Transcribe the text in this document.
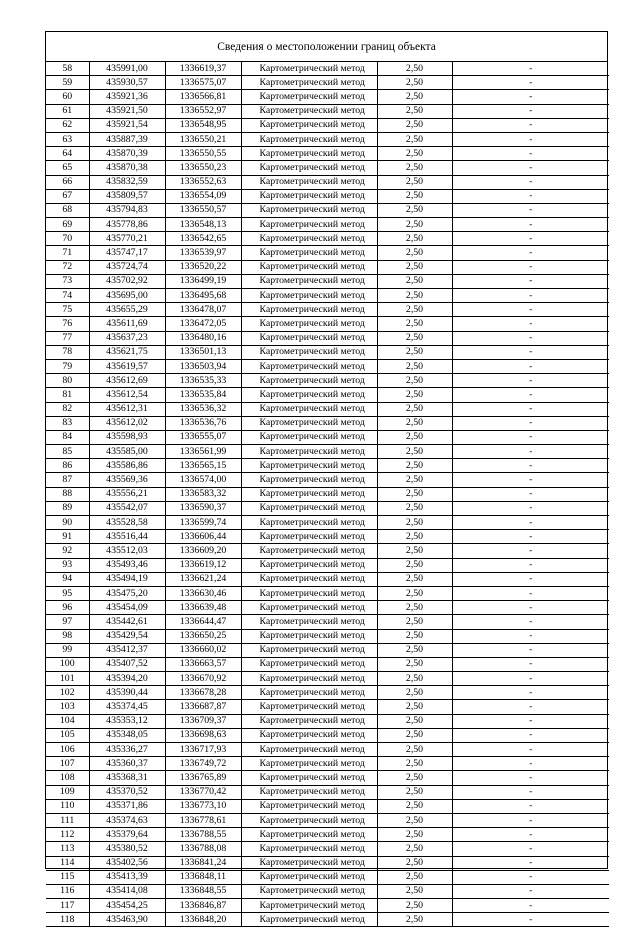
Сведения о местоположении границ объекта
58	435991,00	1336619,37	Картометрический метод	2,50	-
59	435930,57	1336575,07	Картометрический метод	2,50	-
60	435921,36	1336566,81	Картометрический метод	2,50	-
61	435921,50	1336552,97	Картометрический метод	2,50	-
62	435921,54	1336548,95	Картометрический метод	2,50	-
63	435887,39	1336550,21	Картометрический метод	2,50	-
64	435870,39	1336550,55	Картометрический метод	2,50	-
65	435870,38	1336550,23	Картометрический метод	2,50	-
66	435832,59	1336552,63	Картометрический метод	2,50	-
67	435809,57	1336554,09	Картометрический метод	2,50	-
68	435794,83	1336550,57	Картометрический метод	2,50	-
69	435778,86	1336548,13	Картометрический метод	2,50	-
70	435770,21	1336542,65	Картометрический метод	2,50	-
71	435747,17	1336539,97	Картометрический метод	2,50	-
72	435724,74	1336520,22	Картометрический метод	2,50	-
73	435702,92	1336499,19	Картометрический метод	2,50	-
74	435695,00	1336495,68	Картометрический метод	2,50	-
75	435655,29	1336478,07	Картометрический метод	2,50	-
76	435611,69	1336472,05	Картометрический метод	2,50	-
77	435637,23	1336480,16	Картометрический метод	2,50	-
78	435621,75	1336501,13	Картометрический метод	2,50	-
79	435619,57	1336503,94	Картометрический метод	2,50	-
80	435612,69	1336535,33	Картометрический метод	2,50	-
81	435612,54	1336535,84	Картометрический метод	2,50	-
82	435612,31	1336536,32	Картометрический метод	2,50	-
83	435612,02	1336536,76	Картометрический метод	2,50	-
84	435598,93	1336555,07	Картометрический метод	2,50	-
85	435585,00	1336561,99	Картометрический метод	2,50	-
86	435586,86	1336565,15	Картометрический метод	2,50	-
87	435569,36	1336574,00	Картометрический метод	2,50	-
88	435556,21	1336583,32	Картометрический метод	2,50	-
89	435542,07	1336590,37	Картометрический метод	2,50	-
90	435528,58	1336599,74	Картометрический метод	2,50	-
91	435516,44	1336606,44	Картометрический метод	2,50	-
92	435512,03	1336609,20	Картометрический метод	2,50	-
93	435493,46	1336619,12	Картометрический метод	2,50	-
94	435494,19	1336621,24	Картометрический метод	2,50	-
95	435475,20	1336630,46	Картометрический метод	2,50	-
96	435454,09	1336639,48	Картометрический метод	2,50	-
97	435442,61	1336644,47	Картометрический метод	2,50	-
98	435429,54	1336650,25	Картометрический метод	2,50	-
99	435412,37	1336660,02	Картометрический метод	2,50	-
100	435407,52	1336663,57	Картометрический метод	2,50	-
101	435394,20	1336670,92	Картометрический метод	2,50	-
102	435390,44	1336678,28	Картометрический метод	2,50	-
103	435374,45	1336687,87	Картометрический метод	2,50	-
104	435353,12	1336709,37	Картометрический метод	2,50	-
105	435348,05	1336698,63	Картометрический метод	2,50	-
106	435336,27	1336717,93	Картометрический метод	2,50	-
107	435360,37	1336749,72	Картометрический метод	2,50	-
108	435368,31	1336765,89	Картометрический метод	2,50	-
109	435370,52	1336770,42	Картометрический метод	2,50	-
110	435371,86	1336773,10	Картометрический метод	2,50	-
111	435374,63	1336778,61	Картометрический метод	2,50	-
112	435379,64	1336788,55	Картометрический метод	2,50	-
113	435380,52	1336788,08	Картометрический метод	2,50	-
114	435402,56	1336841,24	Картометрический метод	2,50	-
115	435413,39	1336848,11	Картометрический метод	2,50	-
116	435414,08	1336848,55	Картометрический метод	2,50	-
117	435454,25	1336846,87	Картометрический метод	2,50	-
118	435463,90	1336848,20	Картометрический метод	2,50	-
